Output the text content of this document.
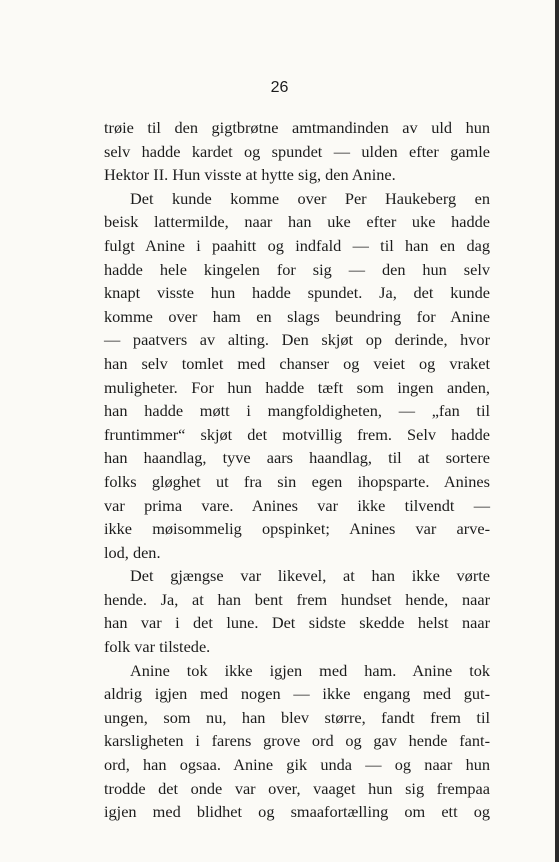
26
trøie til den gigtbrøtne amtmandinden av uld hun
selv hadde kardet og spundet — ulden efter gamle
Hektor II. Hun visste at hytte sig, den Anine.
Det kunde komme over Per Haukeberg en
beisk lattermilde, naar han uke efter uke hadde
fulgt Anine i paahitt og indfald — til han en dag
hadde hele kingelen for sig — den hun selv
knapt visste hun hadde spundet. Ja, det kunde
komme over ham en slags beundring for Anine
— paatvers av alting. Den skjøt op derinde, hvor
han selv tomlet med chanser og veiet og vraket
muligheter. For hun hadde tæft som ingen anden,
han hadde møtt i mangfoldigheten, — „fan til
fruntimmer“ skjøt det motvillig frem. Selv hadde
han haandlag, tyve aars haandlag, til at sortere
folks gløghet ut fra sin egen ihopsparte. Anines
var prima vare. Anines var ikke tilvendt —
ikke møisommelig opspinket; Anines var arve-
lod, den.
Det gjængse var likevel, at han ikke vørte
hende. Ja, at han bent frem hundset hende, naar
han var i det lune. Det sidste skedde helst naar
folk var tilstede.
Anine tok ikke igjen med ham. Anine tok
aldrig igjen med nogen — ikke engang med gut-
ungen, som nu, han blev større, fandt frem til
karsligheten i farens grove ord og gav hende fant-
ord, han ogsaa. Anine gik unda — og naar hun
trodde det onde var over, vaaget hun sig frempaa
igjen med blidhet og smaafortælling om ett og
